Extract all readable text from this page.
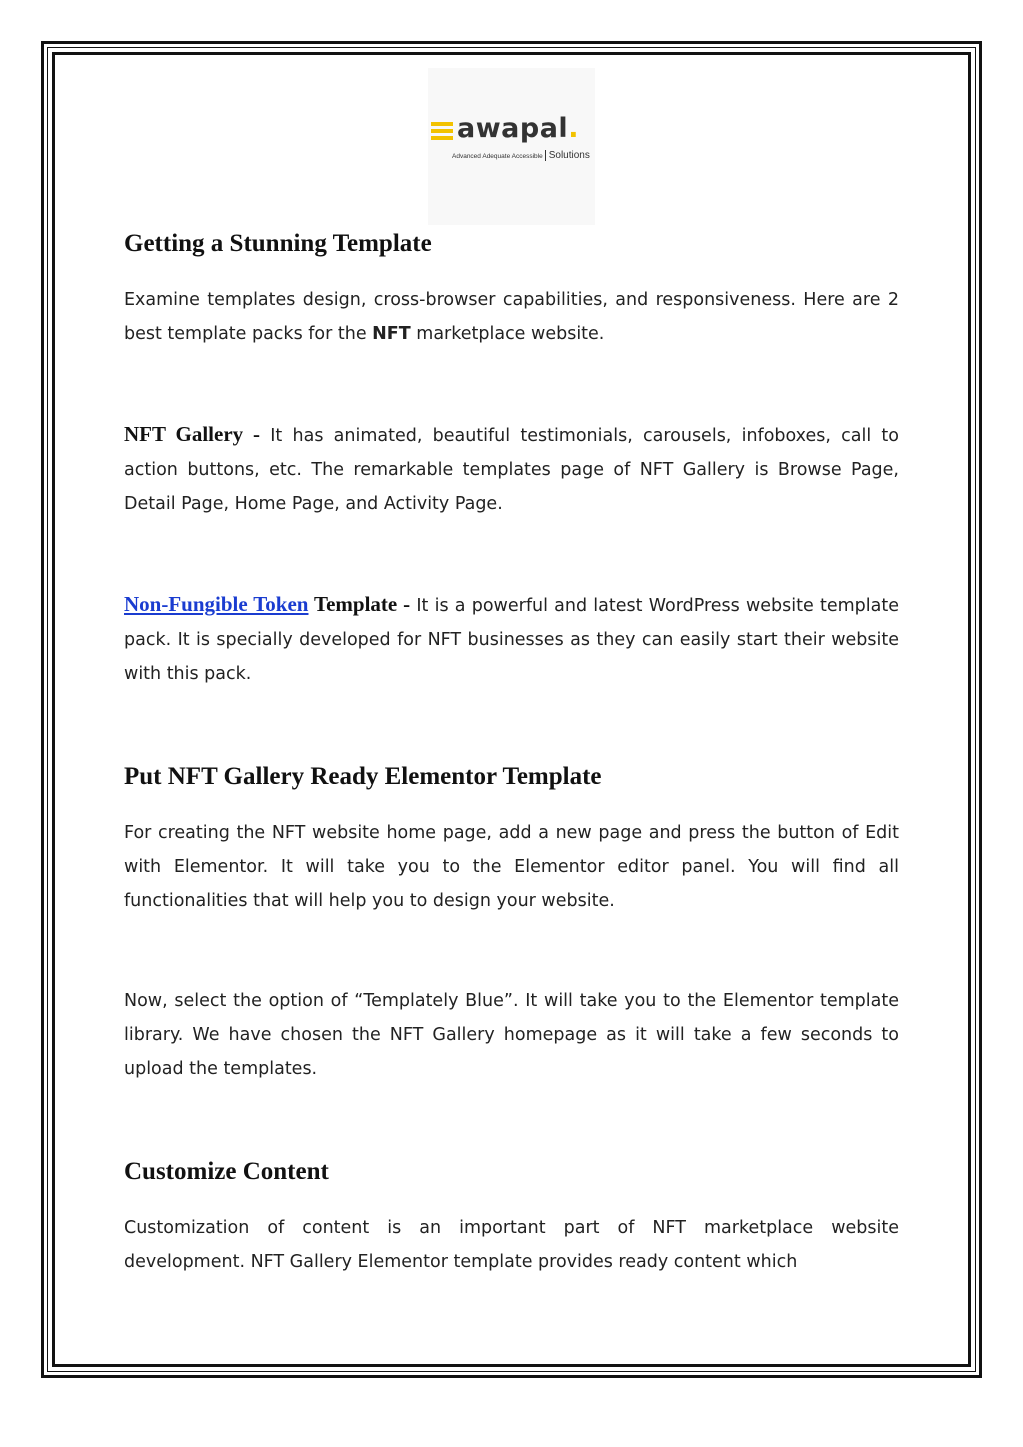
awapal.
Advanced Adequate Accessible Solutions
Getting a Stunning Template

Examine templates design, cross-browser capabilities, and responsiveness. Here are 2 best template packs for the NFT marketplace website.

NFT Gallery - It has animated, beautiful testimonials, carousels, infoboxes, call to action buttons, etc. The remarkable templates page of NFT Gallery is Browse Page, Detail Page, Home Page, and Activity Page.

Non-Fungible Token Template - It is a powerful and latest WordPress website template pack. It is specially developed for NFT businesses as they can easily start their website with this pack.

Put NFT Gallery Ready Elementor Template

For creating the NFT website home page, add a new page and press the button of Edit with Elementor. It will take you to the Elementor editor panel. You will find all functionalities that will help you to design your website.

Now, select the option of “Templately Blue”. It will take you to the Elementor template library. We have chosen the NFT Gallery homepage as it will take a few seconds to upload the templates.

Customize Content

Customization of content is an important part of NFT marketplace website development. NFT Gallery Elementor template provides ready content which
